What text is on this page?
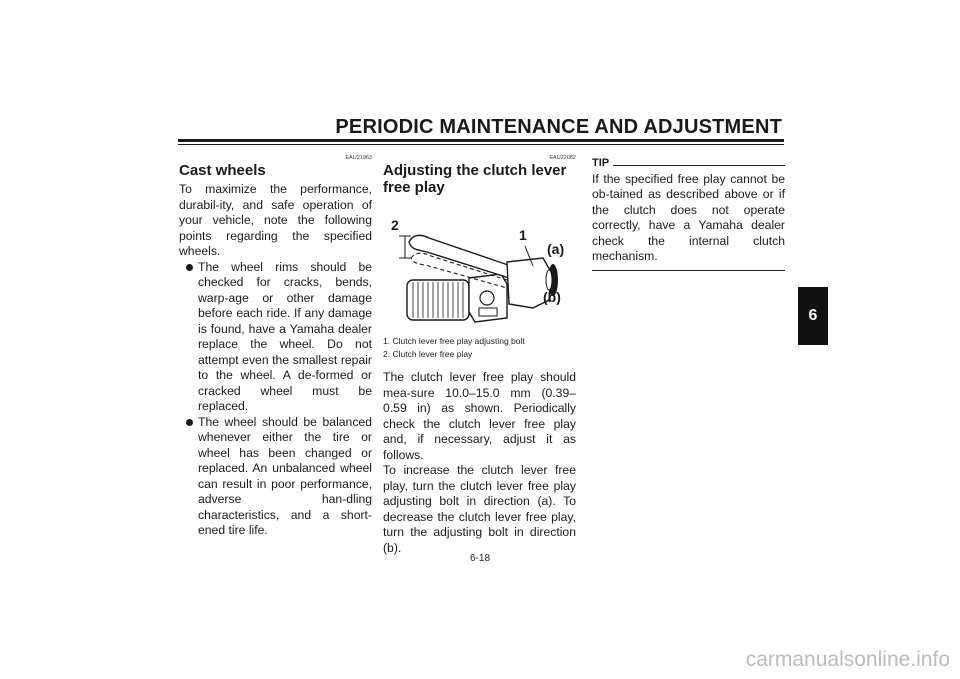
PERIODIC MAINTENANCE AND ADJUSTMENT
6
EAU21963
Cast wheels

To maximize the performance, durabil-ity, and safe operation of your vehicle, note the following points regarding the specified wheels.

The wheel rims should be checked for cracks, bends, warp-age or other damage before each ride. If any damage is found, have a Yamaha dealer replace the wheel. Do not attempt even the smallest repair to the wheel. A de-formed or cracked wheel must be replaced.
The wheel should be balanced whenever either the tire or wheel has been changed or replaced. An unbalanced wheel can result in poor performance, adverse han-dling characteristics, and a short-ened tire life.
EAU22082
Adjusting the clutch lever free play
2
1
(a)
(b)
1. Clutch lever free play adjusting bolt
2. Clutch lever free play

The clutch lever free play should mea-sure 10.0–15.0 mm (0.39–0.59 in) as shown. Periodically check the clutch lever free play and, if necessary, adjust it as follows.

To increase the clutch lever free play, turn the clutch lever free play adjusting bolt in direction (a). To decrease the clutch lever free play, turn the adjusting bolt in direction (b).

TIP

If the specified free play cannot be ob-tained as described above or if the clutch does not operate correctly, have a Yamaha dealer check the internal clutch mechanism.

6-18
carmanualsonline.info
